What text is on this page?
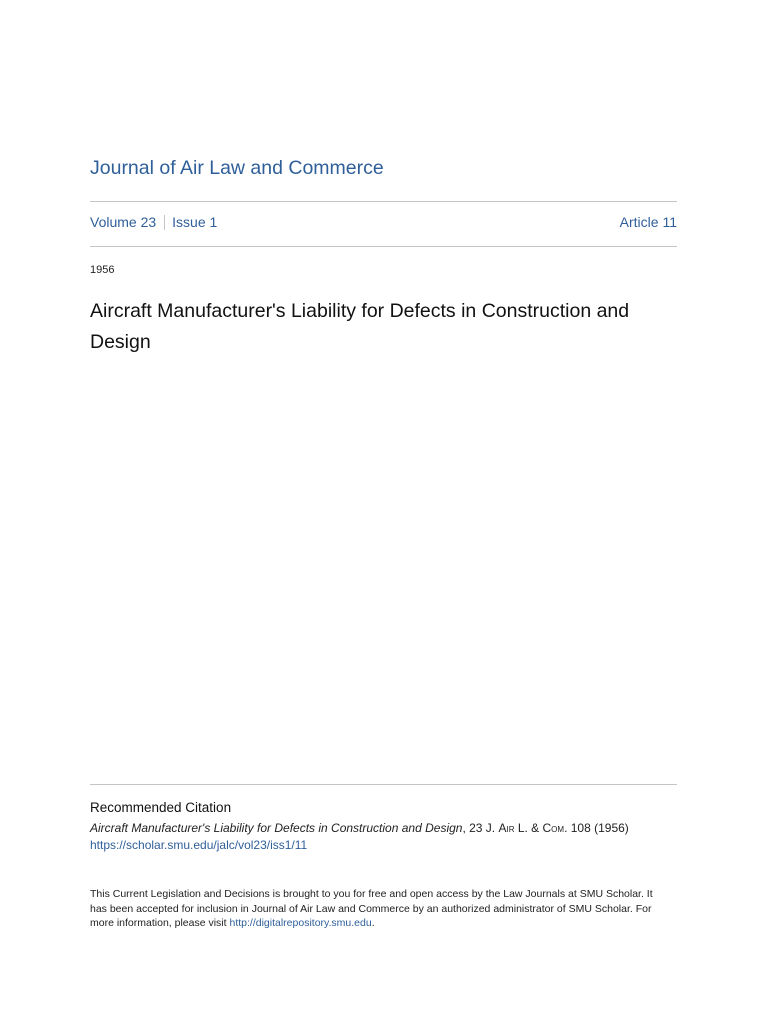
Journal of Air Law and Commerce
Volume 23 Issue 1	Article 11
1956
Aircraft Manufacturer's Liability for Defects in Construction and Design
Recommended Citation
Aircraft Manufacturer's Liability for Defects in Construction and Design, 23 J. Air L. & Com. 108 (1956)
https://scholar.smu.edu/jalc/vol23/iss1/11
This Current Legislation and Decisions is brought to you for free and open access by the Law Journals at SMU Scholar. It has been accepted for inclusion in Journal of Air Law and Commerce by an authorized administrator of SMU Scholar. For more information, please visit http://digitalrepository.smu.edu.
